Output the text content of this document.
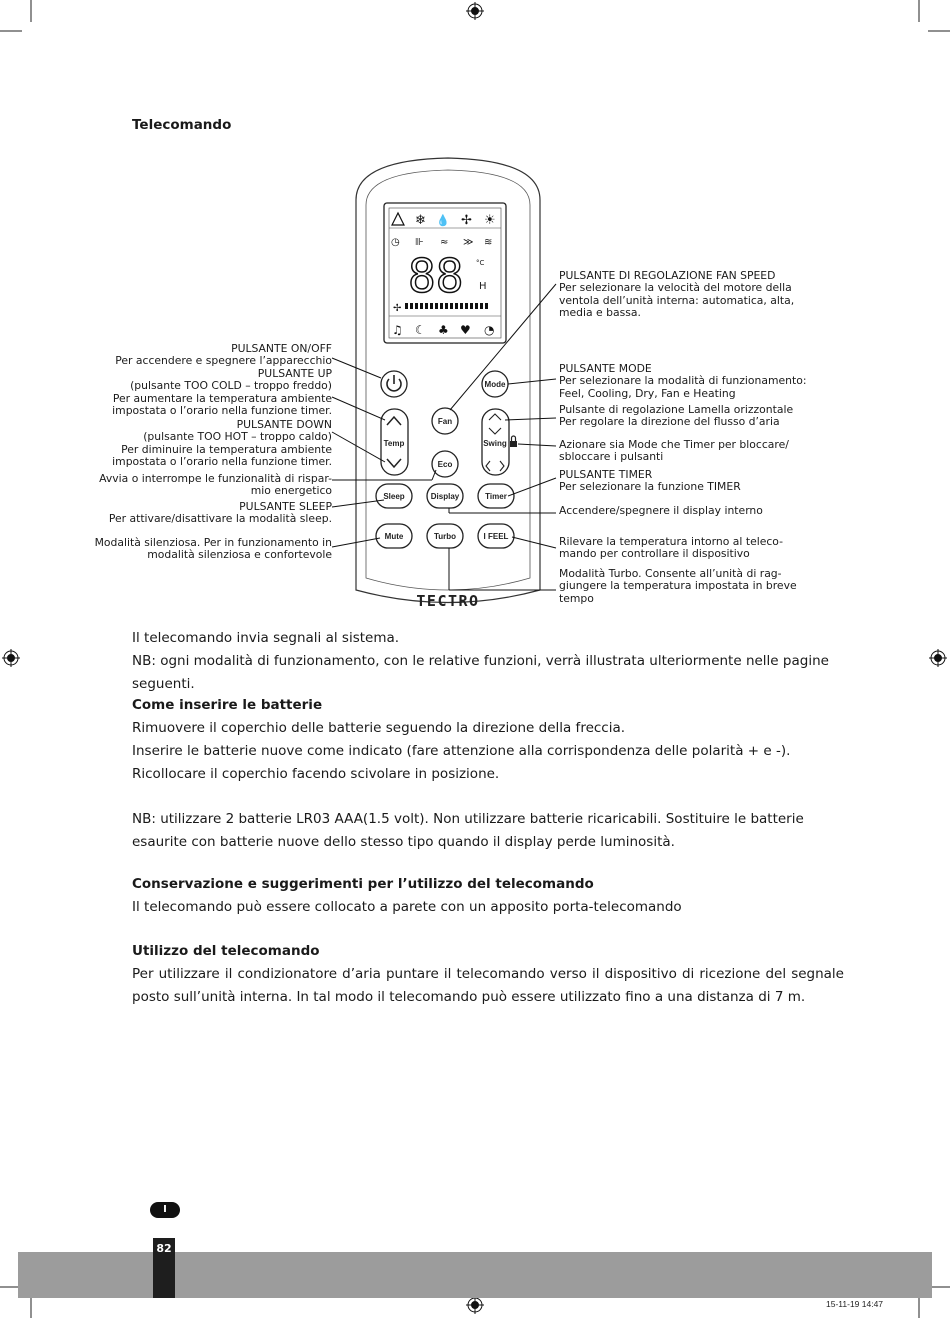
Telecomando
❄ 💧 ✢ ☀
◷ ⊪ ≈ ≫ ≋
88 °C
H
✢
♫ ☾ ♣ ♥ ◔
Temp
Fan
Eco
Mode
Swing
Sleep	Display	Timer
Mute	Turbo	I FEEL
TECTRO
PULSANTE ON/OFF
Per accendere e spegnere l’apparecchio
PULSANTE UP
(pulsante TOO COLD – troppo freddo)
Per aumentare la temperatura ambiente
impostata o l’orario nella funzione timer.
PULSANTE DOWN
(pulsante TOO HOT – troppo caldo)
Per diminuire la temperatura ambiente
impostata o l’orario nella funzione timer.
Avvia o interrompe le funzionalità di rispar-
mio energetico
PULSANTE SLEEP
Per attivare/disattivare la modalità sleep.
Modalità silenziosa. Per in funzionamento in
modalità silenziosa e confortevole
PULSANTE DI REGOLAZIONE FAN SPEED
Per selezionare la velocità del motore della
ventola dell’unità interna: automatica, alta,
media e bassa.
PULSANTE MODE
Per selezionare la modalità di funzionamento:
Feel, Cooling, Dry, Fan e Heating
Pulsante di regolazione Lamella orizzontale
Per regolare la direzione del flusso d’aria
Azionare sia Mode che Timer per bloccare/
sbloccare i pulsanti
PULSANTE TIMER
Per selezionare la funzione TIMER
Accendere/spegnere il display interno
Rilevare la temperatura intorno al teleco-
mando per controllare il dispositivo
Modalità Turbo. Consente all’unità di rag-
giungere la temperatura impostata in breve
tempo
Il telecomando invia segnali al sistema.
NB: ogni modalità di funzionamento, con le relative funzioni, verrà illustrata ulteriormente nelle pagine seguenti.
Come inserire le batterie
Rimuovere il coperchio delle batterie seguendo la direzione della freccia.
Inserire le batterie nuove come indicato (fare attenzione alla corrispondenza delle polarità + e -).
Ricollocare il coperchio facendo scivolare in posizione.
NB: utilizzare 2 batterie LR03 AAA(1.5 volt). Non utilizzare batterie ricaricabili. Sostituire le batterie esaurite con batterie nuove dello stesso tipo quando il display perde luminosità.
Conservazione e suggerimenti per l’utilizzo del telecomando
Il telecomando può essere collocato a parete con un apposito porta-telecomando
Utilizzo del telecomando
Per utilizzare il condizionatore d’aria puntare il telecomando verso il dispositivo di ricezione del segnale posto sull’unità interna. In tal modo il telecomando può essere utilizzato fino a una distanza di 7 m.
I
82
15-11-19 14:47
